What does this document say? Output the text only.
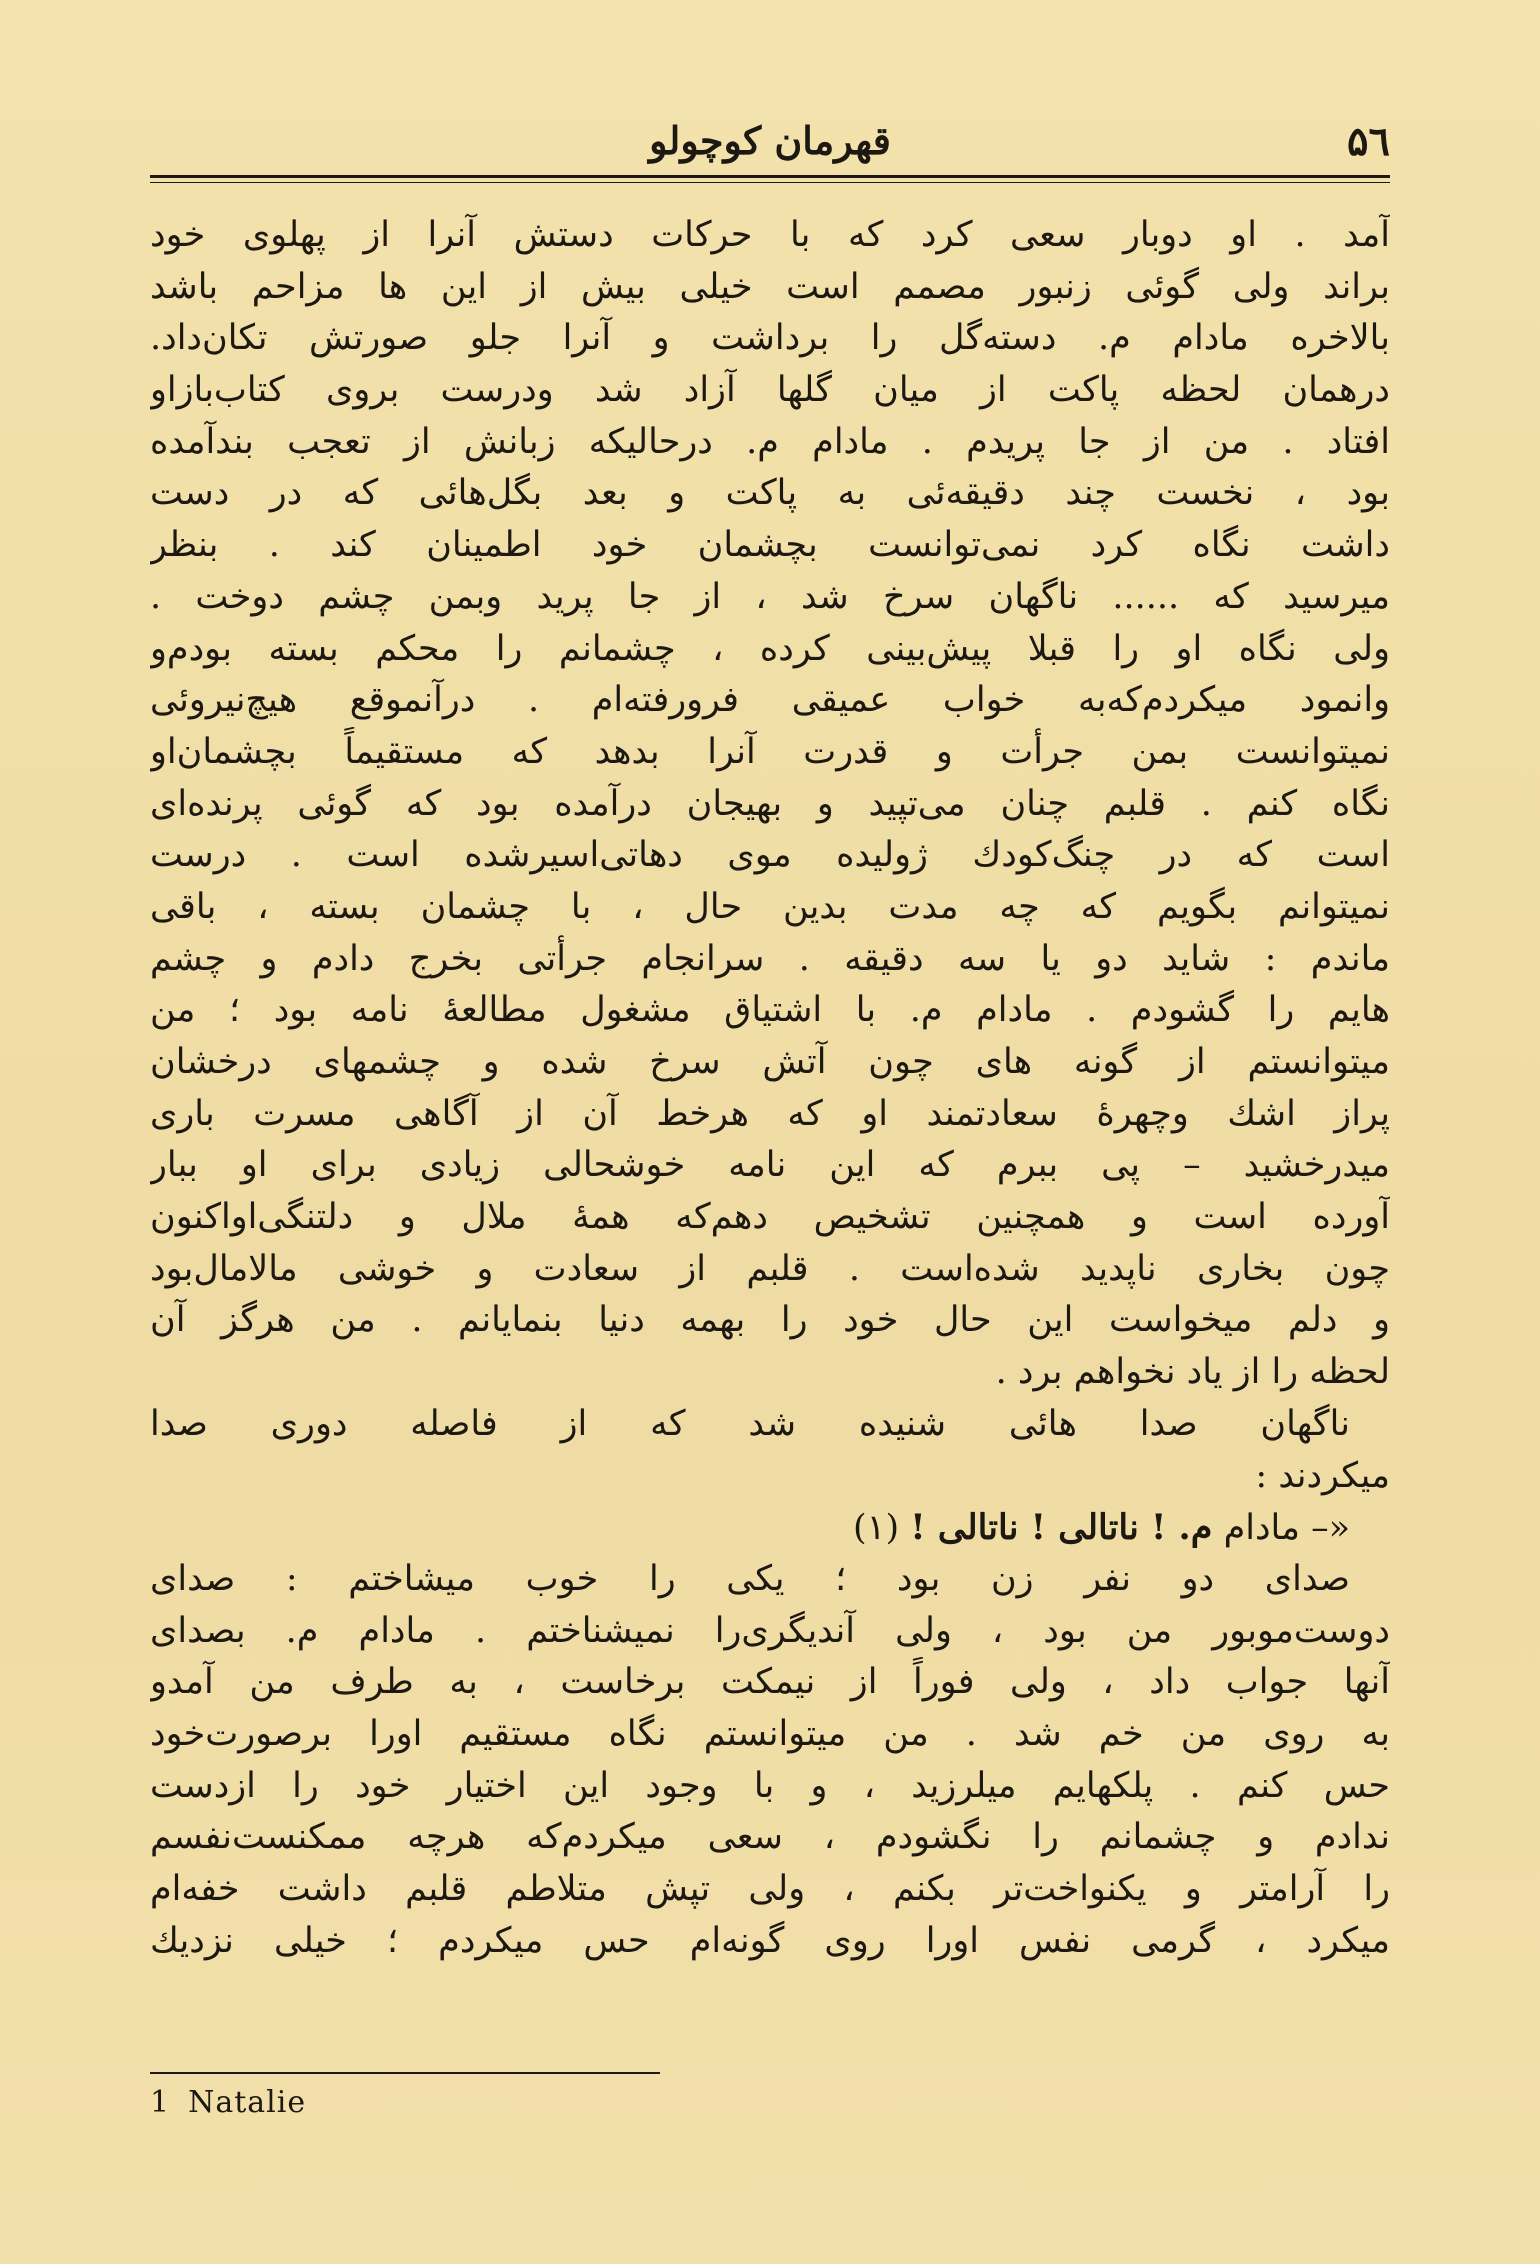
۵٦
قهرمان کوچولو
آمد . او دوبار سعی کرد که با حرکات دستش آنرا از پهلوی خود
براند ولی گوئی زنبور مصمم است خیلی بیش از این ها مزاحم باشد
بالاخره مادام م. دسته‌گل را برداشت و آنرا جلو صورتش تکان‌داد.
درهمان لحظه پاکت از میان گلها آزاد شد ودرست بروی کتاب‌بازاو
افتاد . من از جا پریدم . مادام م. درحالیکه زبانش از تعجب بندآمده
بود ، نخست چند دقیقه‌ئی به پاکت و بعد بگل‌هائی که در دست
داشت نگاه کرد نمی‌توانست بچشمان خود اطمینان کند . بنظر
میرسید که ...... ناگهان سرخ شد ، از جا پرید وبمن چشم دوخت .
ولی نگاه او را قبلا پیش‌بینی کرده ، چشمانم را محکم بسته بودم‌و
وانمود میکردم‌که‌به خواب عمیقی فرورفته‌ام . درآنموقع هیچ‌نیروئی
نمیتوانست بمن جرأت و قدرت آنرا بدهد که مستقیماً بچشمان‌او
نگاه کنم . قلبم چنان می‌تپید و بهیجان درآمده بود که گوئی پرنده‌ای
است که در چنگ‌کودك ژولیده موی دهاتی‌اسیرشده است . درست
نمیتوانم بگویم که چه مدت بدین حال ، با چشمان بسته ، باقی
ماندم : شاید دو یا سه دقیقه . سرانجام جرأتی بخرج دادم و چشم
هایم را گشودم . مادام م. با اشتیاق مشغول مطالعهٔ نامه بود ؛ من
میتوانستم از گونه های چون آتش سرخ شده و چشمهای درخشان
پراز اشك وچهرهٔ سعادتمند او که هرخط آن از آگاهی مسرت باری
میدرخشید – پی ببرم که این نامه خوشحالی زیادی برای او ببار
آورده است و همچنین تشخیص دهم‌که همهٔ ملال و دلتنگی‌اواکنون
چون بخاری ناپدید شده‌است . قلبم از سعادت و خوشی مالامال‌بود
و دلم میخواست این حال خود را بهمه دنیا بنمایانم . من هرگز آن
لحظه را از یاد نخواهم برد .
ناگهان صدا هائی شنیده شد که از فاصله دوری صدا
میکردند :
«– مادام م. ! ناتالی ! ناتالی ! (۱)
صدای دو نفر زن بود ؛ یکی را خوب میشاختم : صدای
دوست‌موبور من بود ، ولی آندیگری‌را نمیشناختم . مادام م. بصدای
آنها جواب داد ، ولی فوراً از نیمکت برخاست ، به طرف من آمدو
به روی من خم شد . من میتوانستم نگاه مستقیم اورا برصورت‌خود
حس کنم . پلکهایم میلرزید ، و با وجود این اختیار خود را ازدست
ندادم و چشمانم را نگشودم ، سعی میکردم‌که هرچه ممکنست‌نفسم
را آرامتر و یکنواخت‌تر بکنم ، ولی تپش متلاطم قلبم داشت خفه‌ام
میکرد ، گرمی نفس اورا روی گونه‌ام حس میکردم ؛ خیلی نزدیك
1 Natalie
